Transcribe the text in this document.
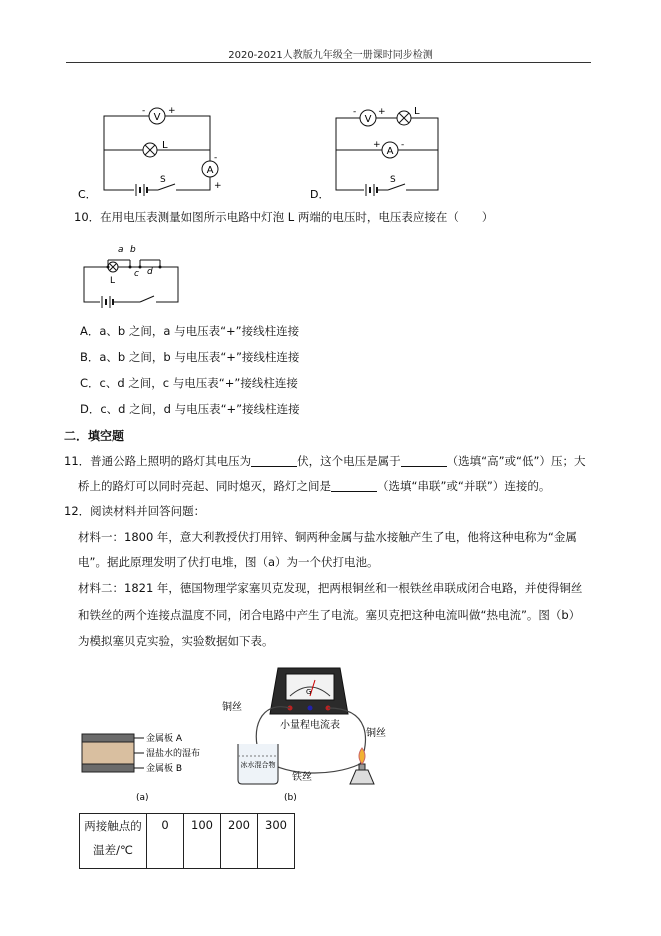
2020-2021人教版九年级全一册课时同步检测
V
-	+
L
A
-
+
S
C．
V
- +	L
A
+ -
S
D．
10．在用电压表测量如图所示电路中灯泡 L 两端的电压时，电压表应接在（　　）
a b
c d
L
A．a、b 之间，a 与电压表“+”接线柱连接
B．a、b 之间，b 与电压表“+”接线柱连接
C．c、d 之间，c 与电压表“+”接线柱连接
D．c、d 之间，d 与电压表“+”接线柱连接
二．填空题
11．普通公路上照明的路灯其电压为	伏，这个电压是属于	（选填“高”或“低”）压；大
桥上的路灯可以同时亮起、同时熄灭，路灯之间是	（选填“串联”或“并联”）连接的。
12．阅读材料并回答问题：
材料一：1800 年，意大利教授伏打用锌、铜两种金属与盐水接触产生了电，他将这种电称为“金属
电”。据此原理发明了伏打电堆，图（a）为一个伏打电池。
材料二：1821 年，德国物理学家塞贝克发现，把两根铜丝和一根铁丝串联成闭合电路，并使得铜丝
和铁丝的两个连接点温度不同，闭合电路中产生了电流。塞贝克把这种电流叫做“热电流”。图（b）
为模拟塞贝克实验，实验数据如下表。
金属板 A
湿盐水的湿布
金属板 B
(a)
G
小量程电流表
冰水混合物
铜丝
铜丝
铁丝
(b)
两接触点的
温差/℃
	0	100	200	300
